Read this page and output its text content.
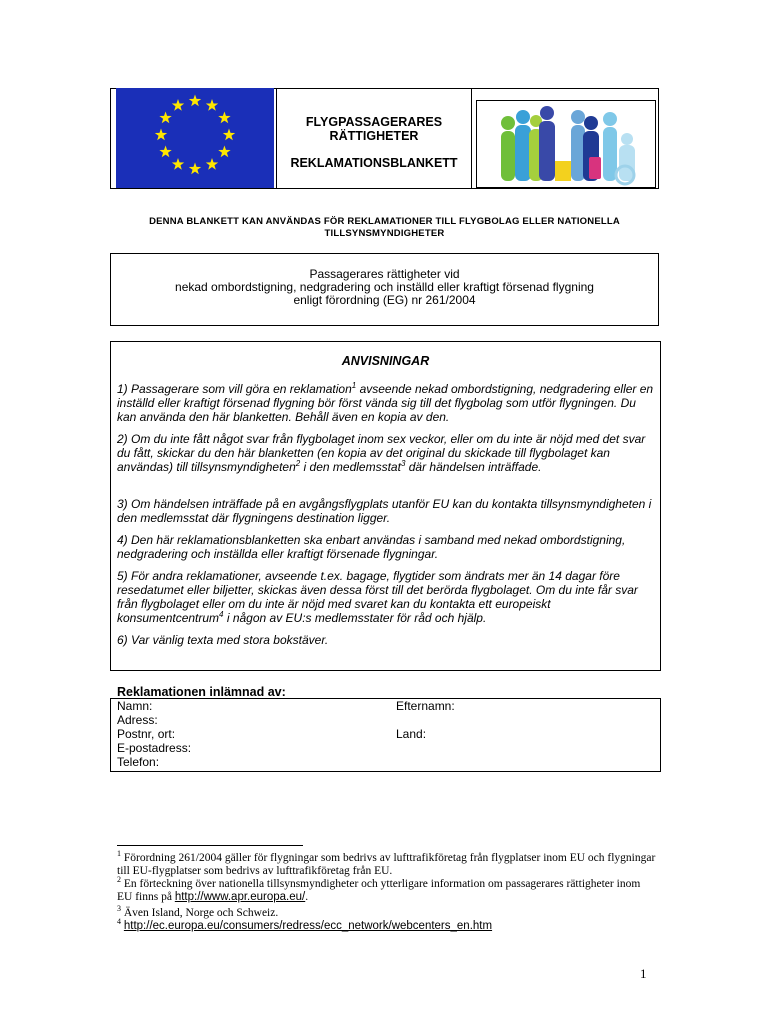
FLYGPASSAGERARES
RÄTTIGHETER
REKLAMATIONSBLANKETT
DENNA BLANKETT KAN ANVÄNDAS FÖR REKLAMATIONER TILL FLYGBOLAG ELLER NATIONELLA
TILLSYNSMYNDIGHETER
Passagerares rättigheter vid
nekad ombordstigning, nedgradering och inställd eller kraftigt försenad flygning
enligt förordning (EG) nr 261/2004
ANVISNINGAR
1) Passagerare som vill göra en reklamation$^1$ avseende nekad ombordstigning, nedgradering eller en inställd eller kraftigt försenad flygning bör först vända sig till det flygbolag som utför flygningen. Du kan använda den här blanketten. Behåll även en kopia av den.
2) Om du inte fått något svar från flygbolaget inom sex veckor, eller om du inte är nöjd med det svar du fått, skickar du den här blanketten (en kopia av det original du skickade till flygbolaget kan användas) till tillsynsmyndigheten$^2$ i den medlemsstat$^3$ där händelsen inträffade.
3) Om händelsen inträffade på en avgångsflygplats utanför EU kan du kontakta tillsynsmyndigheten i den medlemsstat där flygningens destination ligger.
4) Den här reklamationsblanketten ska enbart användas i samband med nekad ombordstigning, nedgradering och inställda eller kraftigt försenade flygningar.
5) För andra reklamationer, avseende t.ex. bagage, flygtider som ändrats mer än 14 dagar före resedatumet eller biljetter, skickas även dessa först till det berörda flygbolaget. Om du inte får svar från flygbolaget eller om du inte är nöjd med svaret kan du kontakta ett europeiskt konsumentcentrum$^4$ i någon av EU:s medlemsstater för råd och hjälp.
6) Var vänlig texta med stora bokstäver.
Reklamationen inlämnad av:
Namn:	Efternamn:
Adress:
Postnr, ort:	Land:
E-postadress:
Telefon:
$^1$ Förordning 261/2004 gäller för flygningar som bedrivs av lufttrafikföretag från flygplatser inom EU och flygningar till EU-flygplatser som bedrivs av lufttrafikföretag från EU.
$^2$ En förteckning över nationella tillsynsmyndigheter och ytterligare information om passagerares rättigheter inom EU finns på http://www.apr.europa.eu/.
$^3$ Även Island, Norge och Schweiz.
$^4$ http://ec.europa.eu/consumers/redress/ecc_network/webcenters_en.htm
1
